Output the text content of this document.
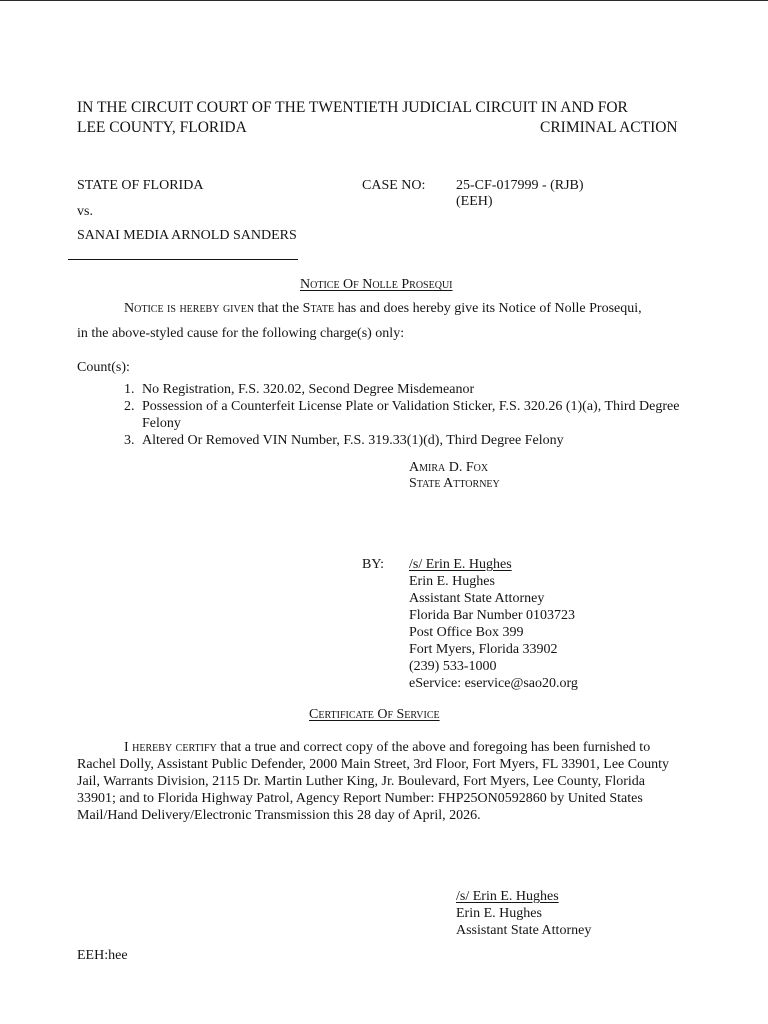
IN THE CIRCUIT COURT OF THE TWENTIETH JUDICIAL CIRCUIT IN AND FOR
LEE COUNTY, FLORIDA	CRIMINAL ACTION
STATE OF FLORIDA	CASE NO: 25-CF-017999 - (RJB)
(EEH)
vs.
SANAI MEDIA ARNOLD SANDERS
Notice Of Nolle Prosequi
Notice is hereby given that the State has and does hereby give its Notice of Nolle Prosequi,
in the above-styled cause for the following charge(s) only:
Count(s):
1. No Registration, F.S. 320.02, Second Degree Misdemeanor
2. Possession of a Counterfeit License Plate or Validation Sticker, F.S. 320.26 (1)(a), Third Degree Felony
3. Altered Or Removed VIN Number, F.S. 319.33(1)(d), Third Degree Felony
Amira D. Fox
State Attorney
BY: /s/ Erin E. Hughes
Erin E. Hughes
Assistant State Attorney
Florida Bar Number 0103723
Post Office Box 399
Fort Myers, Florida 33902
(239) 533-1000
eService: eservice@sao20.org
Certificate Of Service
I hereby certify that a true and correct copy of the above and foregoing has been furnished to
Rachel Dolly, Assistant Public Defender, 2000 Main Street, 3rd Floor, Fort Myers, FL 33901, Lee County
Jail, Warrants Division, 2115 Dr. Martin Luther King, Jr. Boulevard, Fort Myers, Lee County, Florida
33901; and to Florida Highway Patrol, Agency Report Number: FHP25ON0592860 by United States
Mail/Hand Delivery/Electronic Transmission this 28 day of April, 2026.
/s/ Erin E. Hughes
Erin E. Hughes
Assistant State Attorney
EEH:hee
